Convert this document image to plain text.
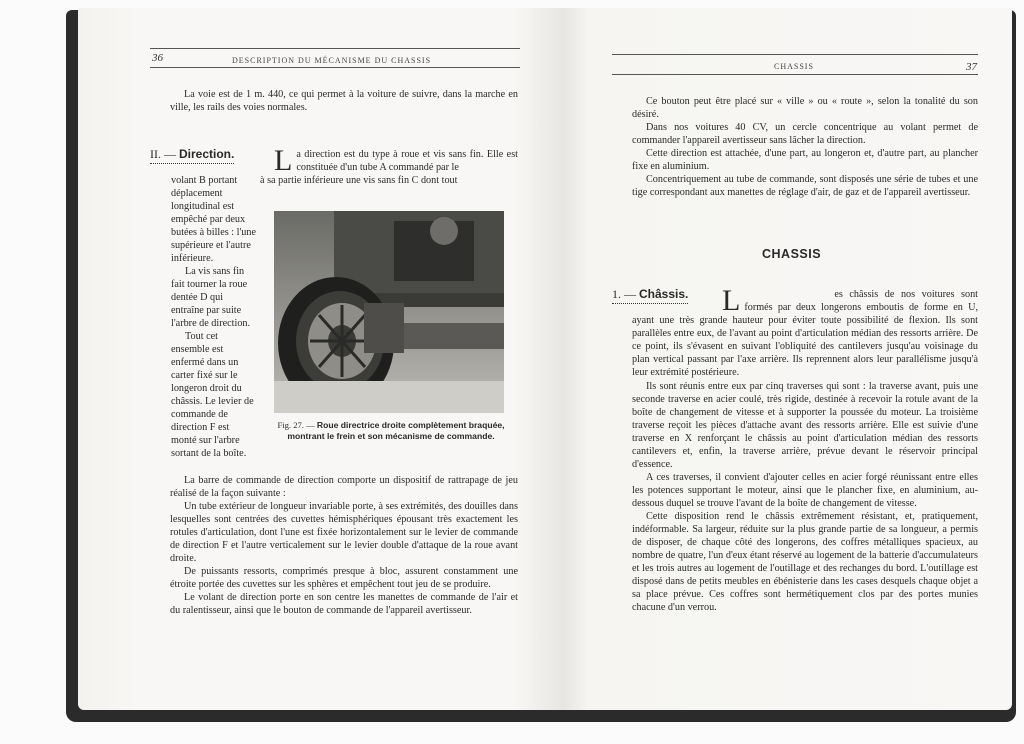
36	DESCRIPTION DU MÉCANISME DU CHASSIS

La voie est de 1 m. 440, ce qui permet à la voiture de suivre, dans la marche en ville, les rails des voies normales.

II. — Direction. La direction est du type à roue et vis sans fin. Elle est constituée d'un tube A commandé par le
à sa partie inférieure une vis sans fin C dont tout

volant B portant déplacement longitudinal est empêché par deux butées à billes : l'une supérieure et l'autre inférieure.

La vis sans fin fait tourner la roue dentée D qui entraîne par suite l'arbre de direction.

Tout cet ensemble est enfermé dans un carter fixé sur le longeron droit du châssis. Le levier de commande de direction F est monté sur l'arbre sortant de la boîte.

Fig. 27. — Roue directrice droite complètement braquée, montrant le frein et son mécanisme de commande.

La barre de commande de direction comporte un dispositif de rattrapage de jeu réalisé de la façon suivante :

Un tube extérieur de longueur invariable porte, à ses extrémités, des douilles dans lesquelles sont centrées des cuvettes hémisphériques épousant très exactement les rotules d'articulation, dont l'une est fixée horizontalement sur le levier de commande de direction F et l'autre verticalement sur le levier double d'attaque de la roue avant droite.

De puissants ressorts, comprimés presque à bloc, assurent constamment une étroite portée des cuvettes sur les sphères et empêchent tout jeu de se produire.

Le volant de direction porte en son centre les manettes de commande de l'air et du ralentisseur, ainsi que le bouton de commande de l'appareil avertisseur.

CHASSIS	37

Ce bouton peut être placé sur « ville » ou « route », selon la tonalité du son désiré.

Dans nos voitures 40 CV, un cercle concentrique au volant permet de commander l'appareil avertisseur sans lâcher la direction.

Cette direction est attachée, d'une part, au longeron et, d'autre part, au plancher fixe en aluminium.

Concentriquement au tube de commande, sont disposés une série de tubes et une tige correspondant aux manettes de réglage d'air, de gaz et de l'appareil avertisseur.

CHASSIS
1. — Châssis. L	es châssis de nos voitures sont formés par deux longerons emboutis de forme en U, ayant une très grande hauteur pour éviter toute possibilité de flexion. Ils sont parallèles entre eux, de l'avant au point d'articulation médian des ressorts arrière. De ce point, ils s'évasent en suivant l'obliquité des cantilevers jusqu'au voisinage du plan vertical passant par l'axe arrière. Ils reprennent alors leur parallélisme jusqu'à leur extrémité postérieure.

Ils sont réunis entre eux par cinq traverses qui sont : la traverse avant, puis une seconde traverse en acier coulé, très rigide, destinée à recevoir la rotule avant de la boîte de changement de vitesse et à supporter la poussée du moteur. La troisième traverse reçoit les pièces d'attache avant des ressorts arrière. Elle est suivie d'une traverse en X renforçant le châssis au point d'articulation médian des ressorts cantilevers et, enfin, la traverse arrière, prévue devant le réservoir principal d'essence.

A ces traverses, il convient d'ajouter celles en acier forgé réunissant entre elles les potences supportant le moteur, ainsi que le plancher fixe, en aluminium, au-dessous duquel se trouve l'avant de la boîte de changement de vitesse.

Cette disposition rend le châssis extrêmement résistant, et, pratiquement, indéformable. Sa largeur, réduite sur la plus grande partie de sa longueur, a permis de disposer, de chaque côté des longerons, des coffres métalliques spacieux, au nombre de quatre, l'un d'eux étant réservé au logement de la batterie d'accumulateurs et les trois autres au logement de l'outillage et des rechanges du bord. L'outillage est disposé dans de petits meubles en ébénisterie dans les cases desquels chaque objet a sa place prévue. Ces coffres sont hermétiquement clos par des portes munies chacune d'un verrou.
